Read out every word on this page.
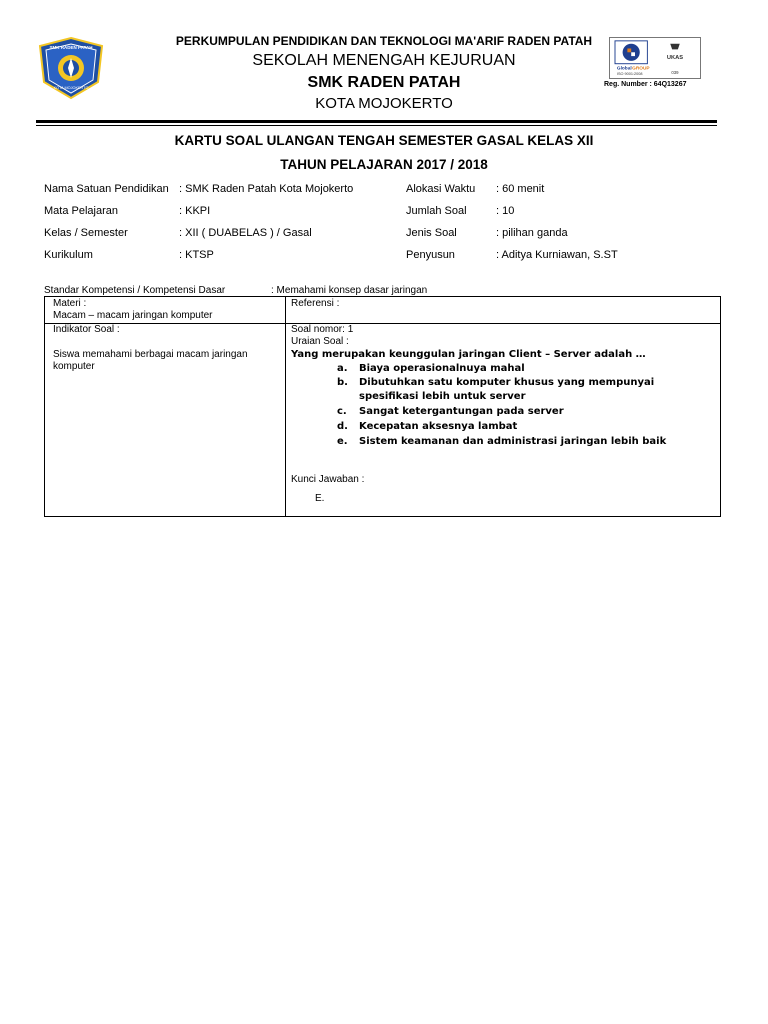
SMK RADEN PATAH
KOTA MOJOKERTO
PERKUMPULAN PENDIDIKAN DAN TEKNOLOGI MA'ARIF RADEN PATAH
SEKOLAH MENENGAH KEJURUAN
SMK RADEN PATAH
KOTA MOJOKERTO
Global GROUP
ISO 9001:2008
UKAS
039
Reg. Number : 64Q13267
KARTU SOAL ULANGAN TENGAH SEMESTER GASAL KELAS XII
TAHUN PELAJARAN 2017 / 2018
Nama Satuan Pendidikan : SMK Raden Patah Kota Mojokerto
Mata Pelajaran	: KKPI
Kelas / Semester	: XII ( DUABELAS ) / Gasal
Kurikulum	: KTSP
Alokasi Waktu : 60 menit
Jumlah Soal	: 10
Jenis Soal	: pilihan ganda
Penyusun	: Aditya Kurniawan, S.ST
Standar Kompetensi / Kompetensi Dasar	: Memahami konsep dasar jaringan
Materi :
Macam – macam jaringan komputer
Referensi :
Indikator Soal :
Siswa memahami berbagai macam jaringan
komputer
Soal nomor: 1
Uraian Soal :
Yang merupakan keunggulan jaringan Client – Server adalah …
a.	Biaya operasionalnuya mahal
b.	Dibutuhkan satu komputer khusus yang mempunyai spesifikasi lebih untuk server
c.	Sangat ketergantungan pada server
d.	Kecepatan aksesnya lambat
e.	Sistem keamanan dan administrasi jaringan lebih baik
Kunci Jawaban :
E.
